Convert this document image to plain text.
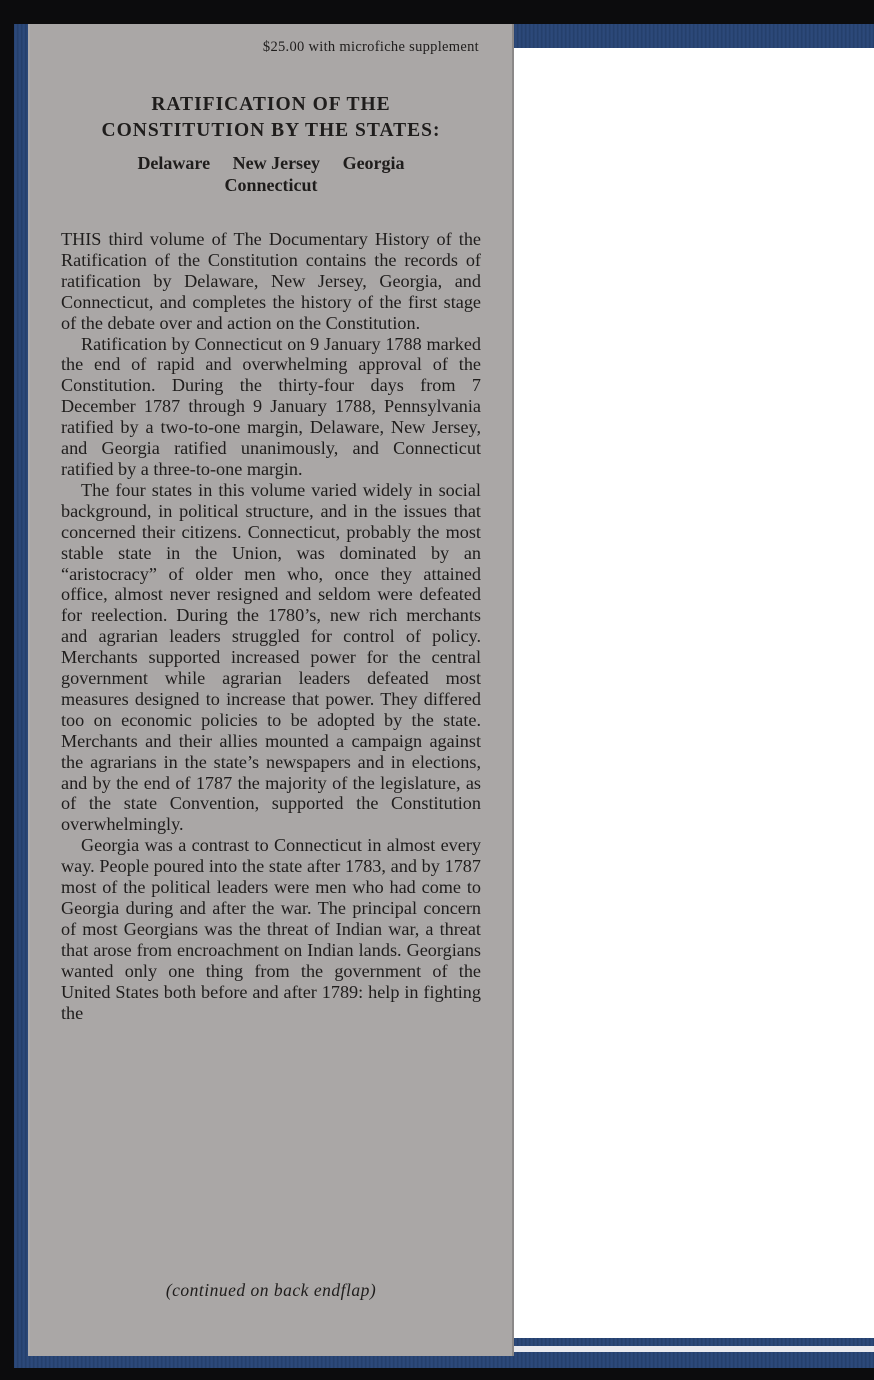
$25.00 with microfiche supplement
RATIFICATION OF THE
CONSTITUTION BY THE STATES:
Delaware New Jersey Georgia
Connecticut

THIS third volume of The Documentary History of the Ratification of the Constitution contains the records of ratification by Delaware, New Jersey, Georgia, and Connecticut, and completes the history of the first stage of the debate over and action on the Constitution.

Ratification by Connecticut on 9 January 1788 marked the end of rapid and overwhelming approval of the Constitution. During the thirty-four days from 7 December 1787 through 9 January 1788, Pennsylvania ratified by a two-to-one margin, Delaware, New Jersey, and Georgia ratified unanimously, and Connecticut ratified by a three-to-one margin.

The four states in this volume varied widely in social background, in political structure, and in the issues that concerned their citizens. Connecticut, probably the most stable state in the Union, was dominated by an “aristocracy” of older men who, once they attained office, almost never resigned and seldom were defeated for reelection. During the 1780’s, new rich merchants and agrarian leaders struggled for control of policy. Merchants supported increased power for the central government while agrarian leaders defeated most measures designed to increase that power. They differed too on economic policies to be adopted by the state. Merchants and their allies mounted a campaign against the agrarians in the state’s newspapers and in elections, and by the end of 1787 the majority of the legislature, as of the state Convention, supported the Constitution overwhelmingly.

Georgia was a contrast to Connecticut in almost every way. People poured into the state after 1783, and by 1787 most of the political leaders were men who had come to Georgia during and after the war. The principal concern of most Georgians was the threat of Indian war, a threat that arose from encroachment on Indian lands. Georgians wanted only one thing from the government of the United States both before and after 1789: help in fighting the

(continued on back endflap)
